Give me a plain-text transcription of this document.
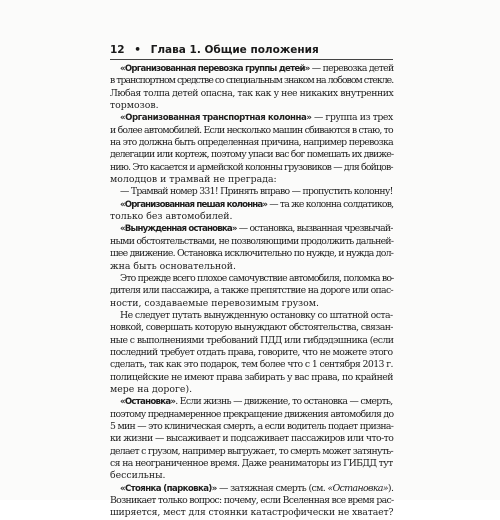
12 • Глава 1. Общие положения
«Организованная перевозка группы детей» — перевозка детей
в транспортном средстве со специальным знаком на лобовом стекле.
Любая толпа детей опасна, так как у нее никаких внутренних
тормозов.
«Организованная транспортная колонна» — группа из трех
и более автомобилей. Если несколько машин сбиваются в стаю, то
на это должна быть определенная причина, например перевозка
делегации или кортеж, поэтому упаси вас бог помешать их движе-
нию. Это касается и армейской колонны грузовиков — для бойцов-
молодцов и трамвай не преграда:
— Трамвай номер 331! Принять вправо — пропустить колонну!
«Организованная пешая колонна» — та же колонна солдатиков,
только без автомобилей.
«Вынужденная остановка» — остановка, вызванная чрезвычай-
ными обстоятельствами, не позволяющими продолжить дальней-
шее движение. Остановка исключительно по нужде, и нужда дол-
жна быть основательной.
Это прежде всего плохое самочувствие автомобиля, поломка во-
дителя или пассажира, а также препятствие на дороге или опас-
ности, создаваемые перевозимым грузом.
Не следует путать вынужденную остановку со штатной оста-
новкой, совершать которую вынуждают обстоятельства, связан-
ные с выполнениями требований ПДД или гибдэдэшника (если
последний требует отдать права, говорите, что не можете этого
сделать, так как это подарок, тем более что с 1 сентября 2013 г.
полицейские не имеют права забирать у вас права, по крайней
мере на дороге).
«Остановка». Если жизнь — движение, то остановка — смерть,
поэтому преднамеренное прекращение движения автомобиля до
5 мин — это клиническая смерть, а если водитель подает призна-
ки жизни — высаживает и подсаживает пассажиров или что-то
делает с грузом, например выгружает, то смерть может затянуть-
ся на неограниченное время. Даже реаниматоры из ГИБДД тут
бессильны.
«Стоянка (парковка)» — затяжная смерть (см. «Остановка»).
Возникает только вопрос: почему, если Вселенная все время рас-
ширяется, мест для стоянки катастрофически не хватает?
